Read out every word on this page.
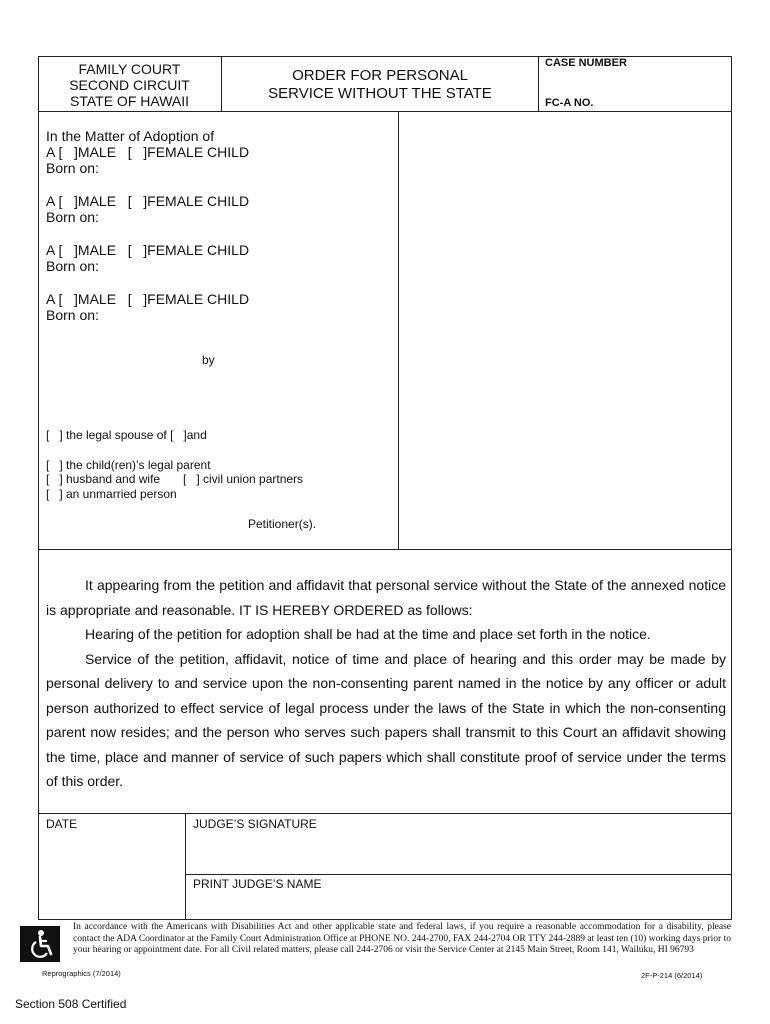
FAMILY COURT
SECOND CIRCUIT
STATE OF HAWAII
ORDER FOR PERSONAL
SERVICE WITHOUT THE STATE
CASE NUMBER
FC-A NO.
In the Matter of Adoption of
A [   ]MALE   [   ]FEMALE CHILD
Born on:
A [   ]MALE   [   ]FEMALE CHILD
Born on:
A [   ]MALE   [   ]FEMALE CHILD
Born on:
A [   ]MALE   [   ]FEMALE CHILD
Born on:
by
[   ] the legal spouse of [   ]and
[   ] the child(ren)’s legal parent
[   ] husband and wife [   ] civil union partners
[   ] an unmarried person
Petitioner(s).

It appearing from the petition and affidavit that personal service without the State of the annexed notice is appropriate and reasonable. IT IS HEREBY ORDERED as follows:

Hearing of the petition for adoption shall be had at the time and place set forth in the notice.

Service of the petition, affidavit, notice of time and place of hearing and this order may be made by personal delivery to and service upon the non-consenting parent named in the notice by any officer or adult person authorized to effect service of legal process under the laws of the State in which the non-consenting parent now resides; and the person who serves such papers shall transmit to this Court an affidavit showing the time, place and manner of service of such papers which shall constitute proof of service under the terms of this order.

DATE	JUDGE’S SIGNATURE
PRINT JUDGE’S NAME
In accordance with the Americans with Disabilities Act and other applicable state and federal laws, if you require a reasonable accommodation for a disability, please contact the ADA Coordinator at the Family Court Administration Office at PHONE NO. 244-2700, FAX 244-2704 OR TTY 244-2889 at least ten (10) working days prior to your hearing or appointment date. For all Civil related matters, please call 244-2706 or visit the Service Center at 2145 Main Street, Room 141, Wailuku, HI 96793
Reprographics (7/2014)	2F-P-214 (6/2014)
Section 508 Certified
